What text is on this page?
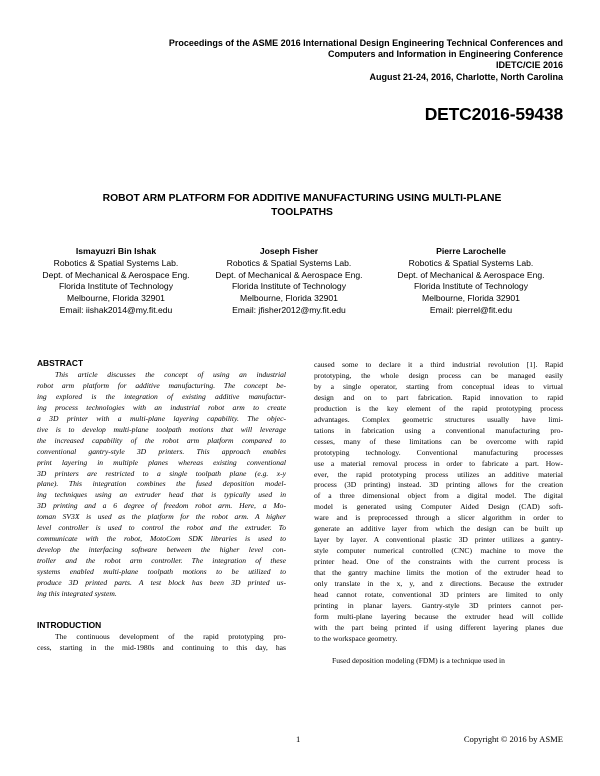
Proceedings of the ASME 2016 International Design Engineering Technical Conferences and
Computers and Information in Engineering Conference
IDETC/CIE 2016
August 21-24, 2016, Charlotte, North Carolina
DETC2016-59438
ROBOT ARM PLATFORM FOR ADDITIVE MANUFACTURING USING MULTI-PLANE
TOOLPATHS
Ismayuzri Bin Ishak
Robotics & Spatial Systems Lab.
Dept. of Mechanical & Aerospace Eng.
Florida Institute of Technology
Melbourne, Florida 32901
Email: iishak2014@my.fit.edu
Joseph Fisher
Robotics & Spatial Systems Lab.
Dept. of Mechanical & Aerospace Eng.
Florida Institute of Technology
Melbourne, Florida 32901
Email: jfisher2012@my.fit.edu
Pierre Larochelle
Robotics & Spatial Systems Lab.
Dept. of Mechanical & Aerospace Eng.
Florida Institute of Technology
Melbourne, Florida 32901
Email: pierrel@fit.edu
ABSTRACT
This article discusses the concept of using an industrial
robot arm platform for additive manufacturing. The concept be-
ing explored is the integration of existing additive manufactur-
ing process technologies with an industrial robot arm to create
a 3D printer with a multi-plane layering capability. The objec-
tive is to develop multi-plane toolpath motions that will leverage
the increased capability of the robot arm platform compared to
conventional gantry-style 3D printers. This approach enables
print layering in multiple planes whereas existing conventional
3D printers are restricted to a single toolpath plane (e.g. x-y
plane). This integration combines the fused deposition model-
ing techniques using an extruder head that is typically used in
3D printing and a 6 degree of freedom robot arm. Here, a Mo-
toman SV3X is used as the platform for the robot arm. A higher
level controller is used to control the robot and the extruder. To
communicate with the robot, MotoCom SDK libraries is used to
develop the interfacing software between the higher level con-
troller and the robot arm controller. The integration of these
systems enabled multi-plane toolpath motions to be utilized to
produce 3D printed parts. A test block has been 3D printed us-
ing this integrated system.
INTRODUCTION
The continuous development of the rapid prototyping pro-
cess, starting in the mid-1980s and continuing to this day, has
caused some to declare it a third industrial revolution [1]. Rapid
prototyping, the whole design process can be managed easily
by a single operator, starting from conceptual ideas to virtual
design and on to part fabrication. Rapid innovation to rapid
production is the key element of the rapid prototyping process
advantages. Complex geometric structures usually have limi-
tations in fabrication using a conventional manufacturing pro-
cesses, many of these limitations can be overcome with rapid
prototyping technology. Conventional manufacturing processes
use a material removal process in order to fabricate a part. How-
ever, the rapid prototyping process utilizes an additive material
process (3D printing) instead. 3D printing allows for the creation
of a three dimensional object from a digital model. The digital
model is generated using Computer Aided Design (CAD) soft-
ware and is preprocessed through a slicer algorithm in order to
generate an additive layer from which the design can be built up
layer by layer. A conventional plastic 3D printer utilizes a gantry-
style computer numerical controlled (CNC) machine to move the
printer head. One of the constraints with the current process is
that the gantry machine limits the motion of the extruder head to
only translate in the x, y, and z directions. Because the extruder
head cannot rotate, conventional 3D printers are limited to only
printing in planar layers. Gantry-style 3D printers cannot per-
form multi-plane layering because the extruder head will collide
with the part being printed if using different layering planes due
to the workspace geometry.
Fused deposition modeling (FDM) is a technique used in
1	Copyright © 2016 by ASME
